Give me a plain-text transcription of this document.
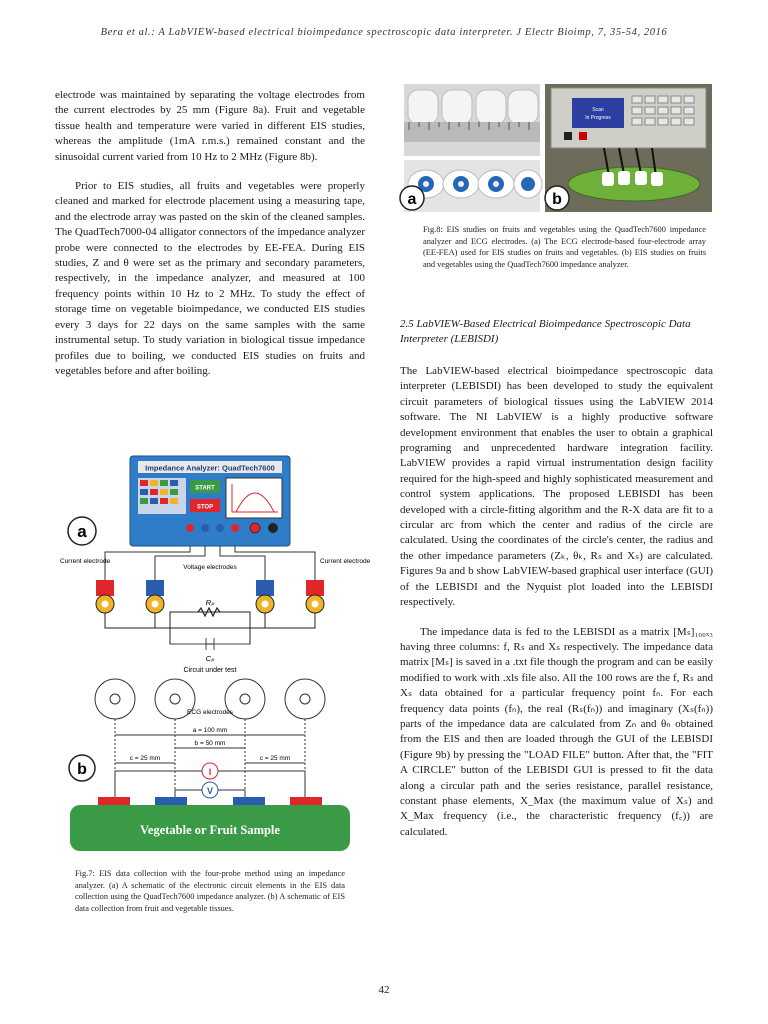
Bera et al.: A LabVIEW-based electrical bioimpedance spectroscopic data interpreter. J Electr Bioimp, 7, 35-54, 2016

electrode was maintained by separating the voltage electrodes from the current electrodes by 25 mm (Figure 8a). Fruit and vegetable tissue health and temperature were varied in different EIS studies, whereas the amplitude (1mA r.m.s.) remained constant and the sinusoidal current varied from 10 Hz to 2 MHz (Figure 8b).

Prior to EIS studies, all fruits and vegetables were properly cleaned and marked for electrode placement using a measuring tape, and the electrode array was pasted on the skin of the cleaned samples. The QuadTech7000-04 alligator connectors of the impedance analyzer probe were connected to the electrodes by EE-FEA. During EIS studies, Z and θ were set as the primary and secondary parameters, respectively, in the impedance analyzer, and measured at 100 frequency points within 10 Hz to 2 MHz. To study the effect of storage time on vegetable bioimpedance, we conducted EIS studies every 3 days for 22 days on the same samples with the same instrumental setup. To study variation in biological tissue impedance profiles due to boiling, we conducted EIS studies on fruits and vegetables before and after boiling.

Impedance Analyzer: QuadTech7600
START
STOP
a
Current electrode	Current electrode
Voltage electrodes
Rₚ
Cₚ
Circuit under test
ECG electrodes
a = 100 mm
b = 50 mm
c = 25 mm	c = 25 mm
I
V
b
Vegetable or Fruit Sample
Fig.7: EIS data collection with the four-probe method using an impedance analyzer. (a) A schematic of the electronic circuit elements in the EIS data collection using the QuadTech7600 impedance analyzer. (b) A schematic of EIS data collection from fruit and vegetable tissues.
a
Scan
In Progress
b
Fig.8: EIS studies on fruits and vegetables using the QuadTech7600 impedance analyzer and ECG electrodes. (a) The ECG electrode-based four-electrode array (EE-FEA) used for EIS studies on fruits and vegetables. (b) EIS studies on fruits and vegetables using the QuadTech7600 impedance analyzer.
2.5 LabVIEW-Based Electrical Bioimpedance Spectroscopic Data Interpreter (LEBISDI)

The LabVIEW-based electrical bioimpedance spectroscopic data interpreter (LEBISDI) has been developed to study the equivalent circuit parameters of biological tissues using the LabVIEW 2014 software. The NI LabVIEW is a highly productive software development environment that enables the user to obtain a graphical programing and unprecedented hardware integration facility. LabVIEW provides a rapid virtual instrumentation design facility required for the high-speed and highly sophisticated measurement and control system applications. The proposed LEBISDI has been developed with a circle-fitting algorithm and the R-X data are fit to a circular arc from which the center and radius of the circle are calculated. Using the coordinates of the circle's center, the radius and the other impedance parameters (Zₖ, θₖ, Rₛ and Xₛ) are calculated. Figures 9a and b show LabVIEW-based graphical user interface (GUI) of the LEBISDI and the Nyquist plot loaded into the LEBISDI respectively.

The impedance data is fed to the LEBISDI as a matrix [Mₛ]₁₀₀ₓ₃ having three columns: f, Rₛ and Xₛ respectively. The impedance data matrix [Mₛ] is saved in a .txt file though the program and can be easily modified to work with .xls file also. All the 100 rows are the f, Rₛ and Xₛ data obtained for a particular frequency point fₙ. For each frequency data points (fₙ), the real (Rₛ(fₙ)) and imaginary (Xₛ(fₙ)) parts of the impedance data are calculated from Zₙ and θₙ obtained from the EIS and then are loaded through the GUI of the LEBISDI (Figure 9b) by pressing the "LOAD FILE" button. After that, the "FIT A CIRCLE" button of the LEBISDI GUI is pressed to fit the data along a circular path and the series resistance, parallel resistance, constant phase elements, X_Max (the maximum value of Xₛ) and X_Max frequency (i.e., the characteristic frequency (f꜀)) are calculated.

42
